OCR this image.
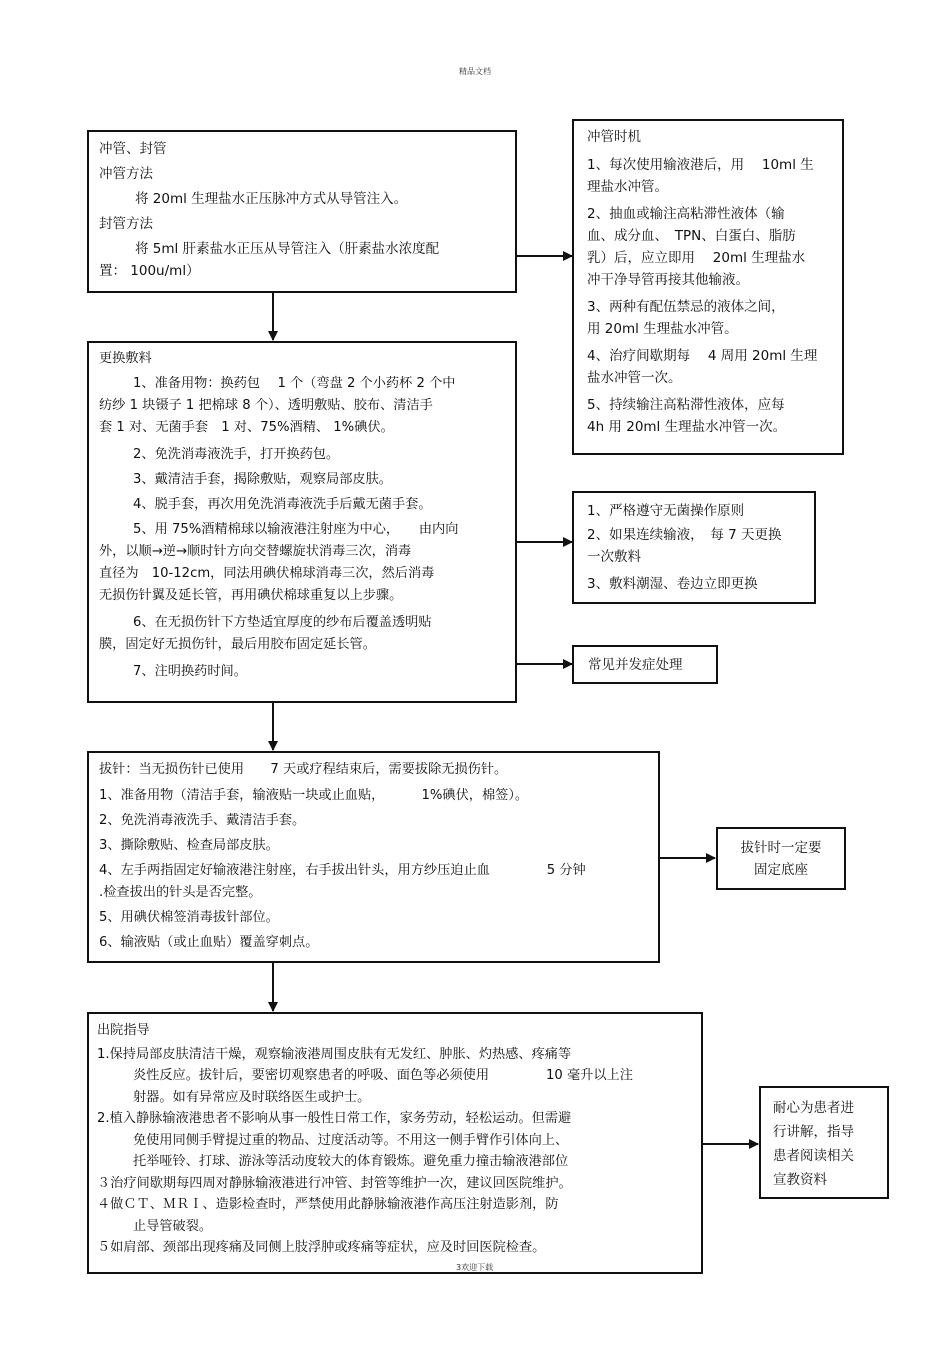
精品文档

冲管、封管

冲管方法

将 20ml 生理盐水正压脉冲方式从导管注入。

封管方法

将 5ml 肝素盐水正压从导管注入（肝素盐水浓度配

置： 100u/ml）

冲管时机

1、每次使用输液港后，用　 10ml 生

理盐水冲管。

2、抽血或输注高粘滞性液体（输

血、成分血、　TPN、白蛋白、脂肪

乳）后，应立即用　 20ml 生理盐水

冲干净导管再接其他输液。

3、两种有配伍禁忌的液体之间，

用 20ml 生理盐水冲管。

4、治疗间歇期每　 4 周用 20ml 生理

盐水冲管一次。

5、持续输注高粘滞性液体，应每

4h 用 20ml 生理盐水冲管一次。

更换敷料

1、准备用物：换药包　 1 个（弯盘 2 个小药杯 2 个中

纺纱 1 块镊子 1 把棉球 8 个）、透明敷贴、胶布、清洁手

套 1 对、无菌手套　1 对、75%酒精、 1%碘伏。

2、免洗消毒液洗手，打开换药包。

3、戴清洁手套，揭除敷贴，观察局部皮肤。

4、脱手套，再次用免洗消毒液洗手后戴无菌手套。

5、用 75%酒精棉球以输液港注射座为中心，　　由内向

外，以顺→逆→顺时针方向交替螺旋状消毒三次，消毒

直径为　10-12cm，同法用碘伏棉球消毒三次，然后消毒

无损伤针翼及延长管，再用碘伏棉球重复以上步骤。

6、在无损伤针下方垫适宜厚度的纱布后覆盖透明贴

膜，固定好无损伤针，最后用胶布固定延长管。

7、注明换药时间。

1、严格遵守无菌操作原则

2、如果连续输液，　每 7 天更换

一次敷料

3、敷料潮湿、卷边立即更换

常见并发症处理

拔针：当无损伤针已使用　　7 天或疗程结束后，需要拔除无损伤针。

1、准备用物（清洁手套，输液贴一块或止血贴，　　　 1%碘伏，棉签）。

2、免洗消毒液洗手、戴清洁手套。

3、撕除敷贴、检查局部皮肤。

4、左手两指固定好输液港注射座，右手拔出针头，用方纱压迫止血　　　　 5 分钟

.检查拔出的针头是否完整。

5、用碘伏棉签消毒拔针部位。

6、输液贴（或止血贴）覆盖穿刺点。

拔针时一定要

固定底座

出院指导

1.保持局部皮肤清洁干燥，观察输液港周围皮肤有无发红、肿胀、灼热感、疼痛等

炎性反应。拔针后，要密切观察患者的呼吸、面色等必须使用　　　　 10 毫升以上注

射器。如有异常应及时联络医生或护士。

2.植入静脉输液港患者不影响从事一般性日常工作，家务劳动，轻松运动。但需避

免使用同侧手臂提过重的物品、过度活动等。不用这一侧手臂作引体向上、

托举哑铃、打球、游泳等活动度较大的体育锻炼。避免重力撞击输液港部位

３治疗间歇期每四周对静脉输液港进行冲管、封管等维护一次，建议回医院维护。

４做ＣＴ、ＭＲＩ、造影检查时，严禁使用此静脉输液港作高压注射造影剂，防

止导管破裂。

５如肩部、颈部出现疼痛及同侧上肢浮肿或疼痛等症状，应及时回医院检查。

耐心为患者进

行讲解，指导

患者阅读相关

宣教资料

3欢迎下载
